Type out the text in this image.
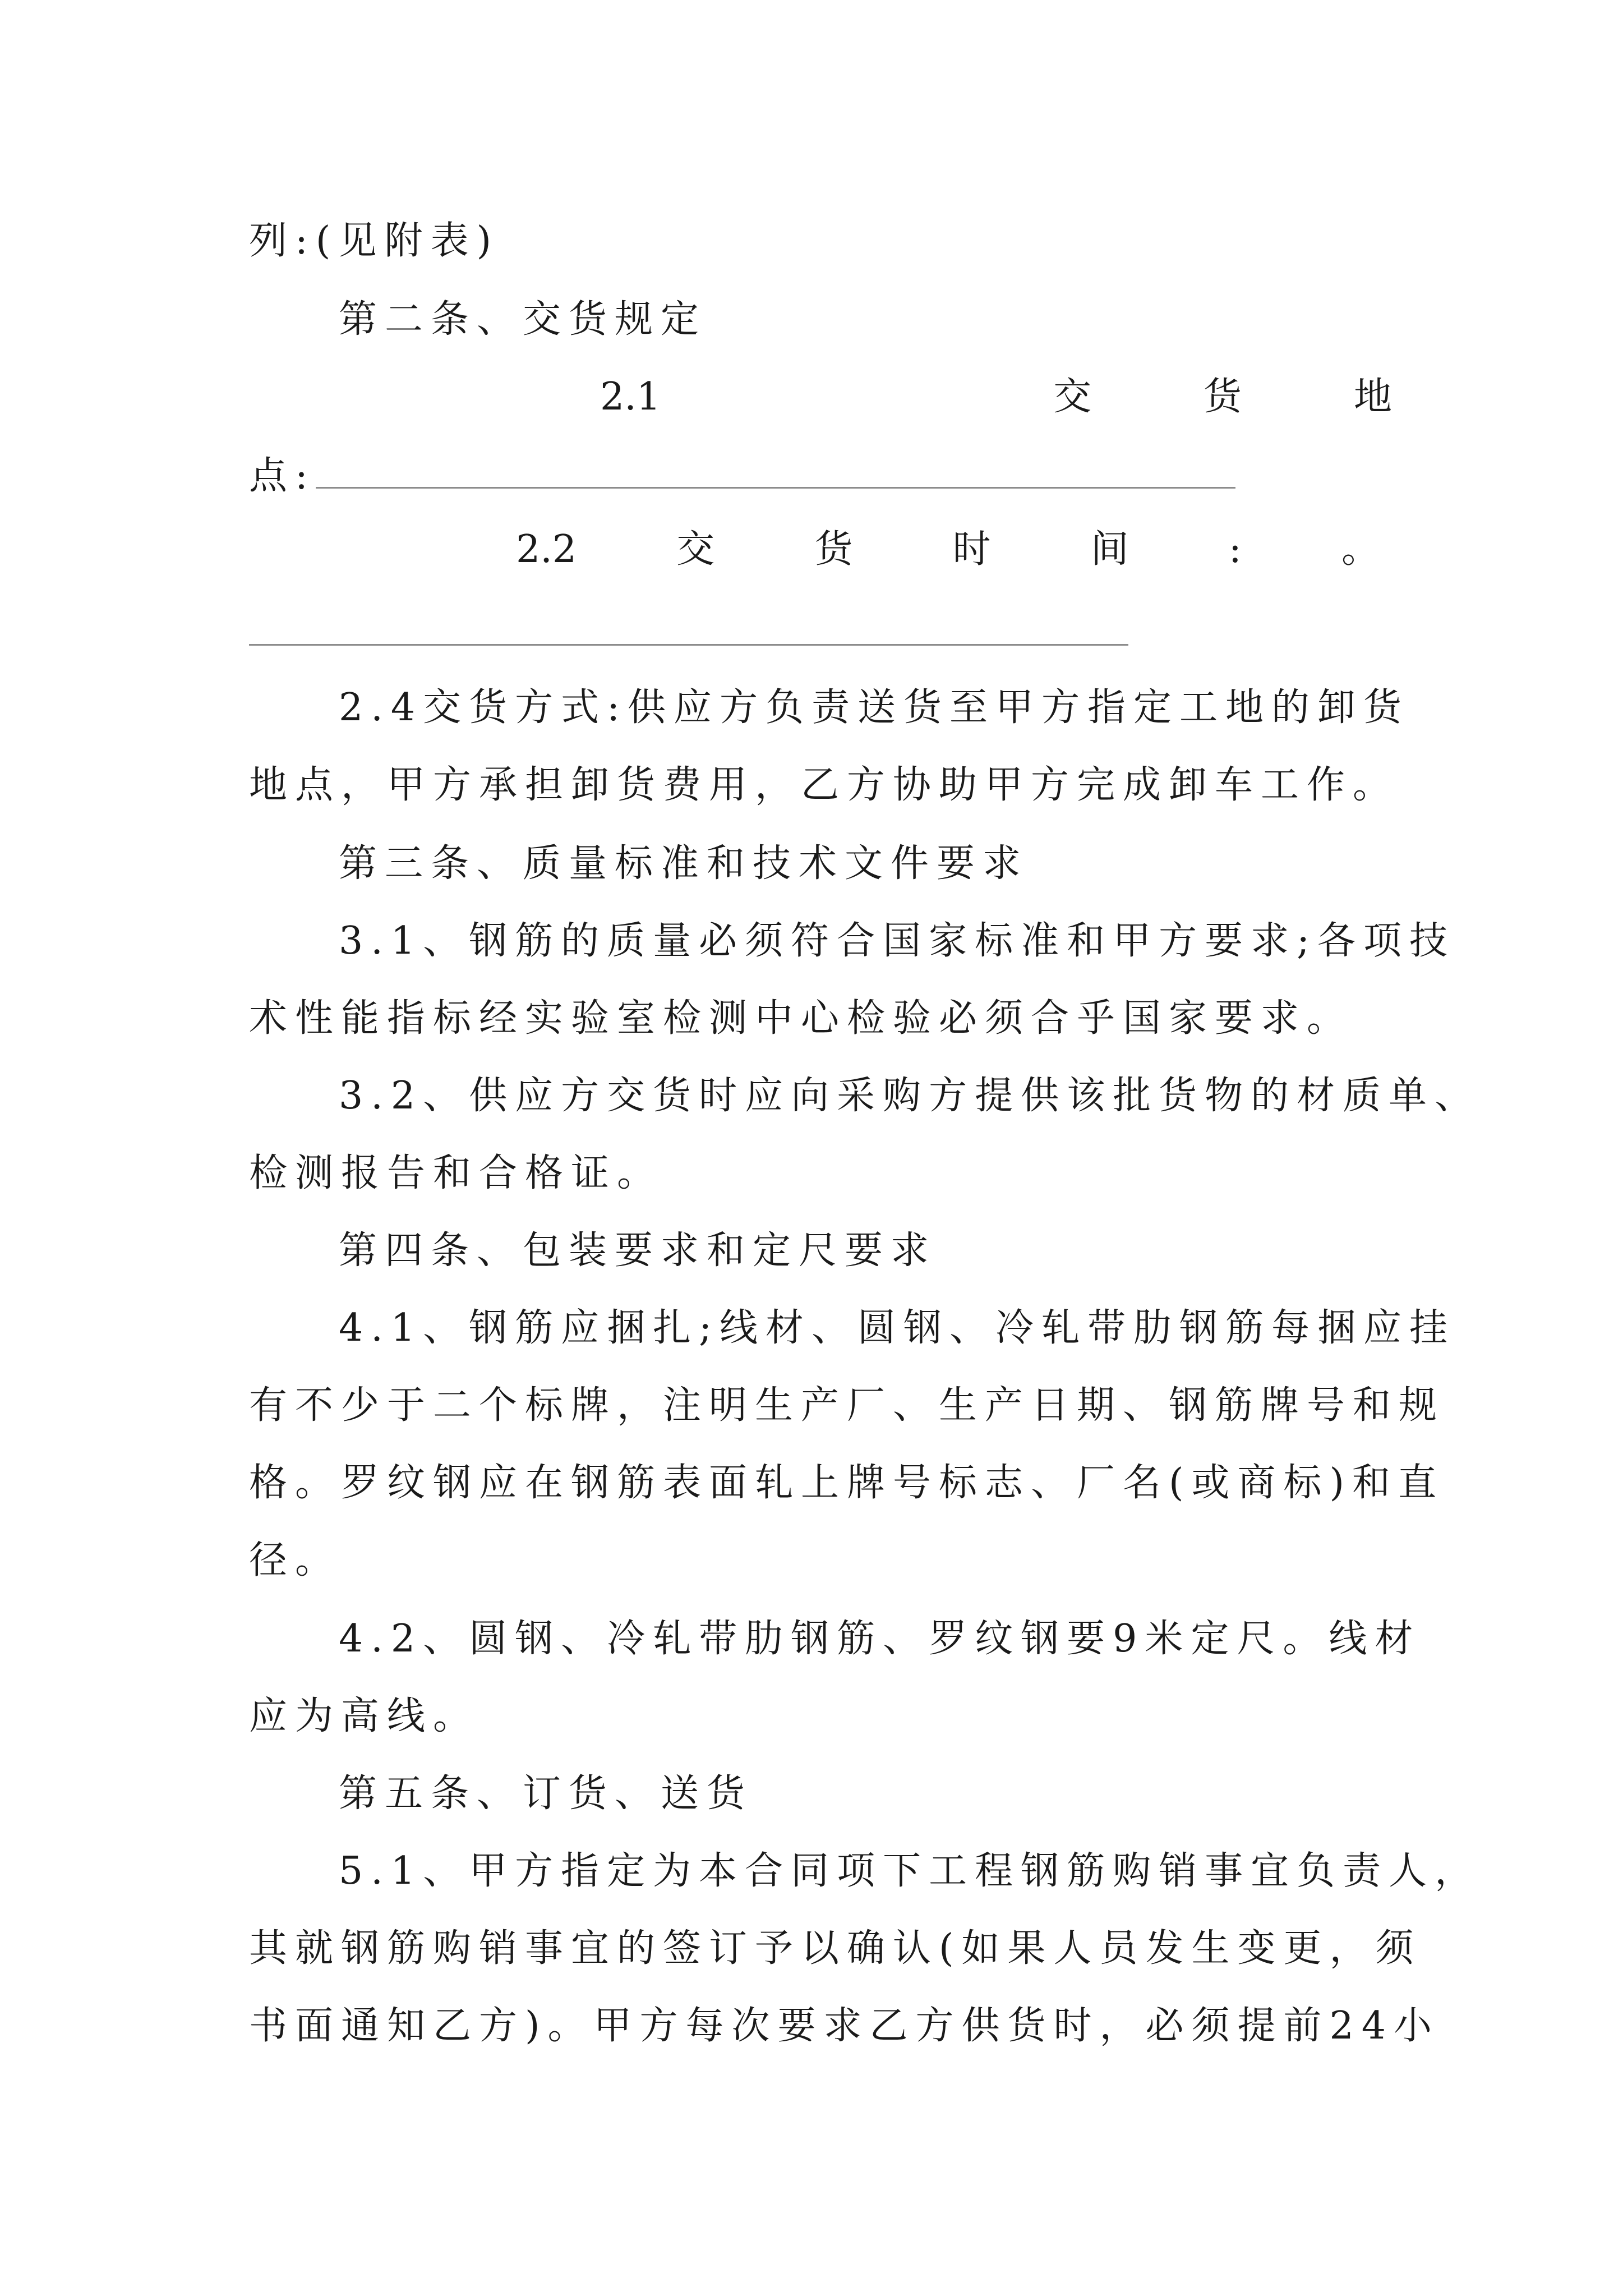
列:(见附表)
第二条、交货规定
2.1	交	货	地
点:
2.2	交	货	时	间	:	。
2.4交货方式:供应方负责送货至甲方指定工地的卸货
地点，甲方承担卸货费用，乙方协助甲方完成卸车工作。
第三条、质量标准和技术文件要求
3.1、钢筋的质量必须符合国家标准和甲方要求;各项技
术性能指标经实验室检测中心检验必须合乎国家要求。
3.2、供应方交货时应向采购方提供该批货物的材质单、
检测报告和合格证。
第四条、包装要求和定尺要求
4.1、钢筋应捆扎;线材、圆钢、冷轧带肋钢筋每捆应挂
有不少于二个标牌，注明生产厂、生产日期、钢筋牌号和规
格。罗纹钢应在钢筋表面轧上牌号标志、厂名(或商标)和直
径。
4.2、圆钢、冷轧带肋钢筋、罗纹钢要9米定尺。线材
应为高线。
第五条、订货、送货
5.1、甲方指定为本合同项下工程钢筋购销事宜负责人，
其就钢筋购销事宜的签订予以确认(如果人员发生变更，须
书面通知乙方)。甲方每次要求乙方供货时，必须提前24小
